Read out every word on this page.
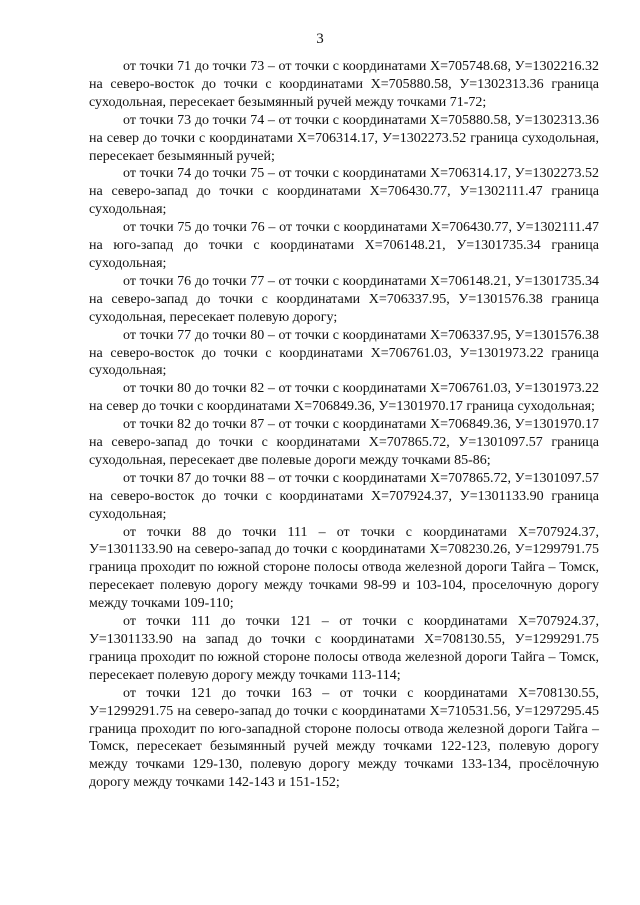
3

от точки 71 до точки 73 – от точки с координатами Х=705748.68, У=1302216.32 на северо-восток до точки с координатами Х=705880.58, У=1302313.36 граница суходольная, пересекает безымянный ручей между точками 71-72;

от точки 73 до точки 74 – от точки с координатами Х=705880.58, У=1302313.36 на север до точки с координатами Х=706314.17, У=1302273.52 граница суходольная, пересекает безымянный ручей;

от точки 74 до точки 75 – от точки с координатами Х=706314.17, У=1302273.52 на северо-запад до точки с координатами Х=706430.77, У=1302111.47 граница суходольная;

от точки 75 до точки 76 – от точки с координатами Х=706430.77, У=1302111.47 на юго-запад до точки с координатами Х=706148.21, У=1301735.34 граница суходольная;

от точки 76 до точки 77 – от точки с координатами Х=706148.21, У=1301735.34 на северо-запад до точки с координатами Х=706337.95, У=1301576.38 граница суходольная, пересекает полевую дорогу;

от точки 77 до точки 80 – от точки с координатами Х=706337.95, У=1301576.38 на северо-восток до точки с координатами Х=706761.03, У=1301973.22 граница суходольная;

от точки 80 до точки 82 – от точки с координатами Х=706761.03, У=1301973.22 на север до точки с координатами Х=706849.36, У=1301970.17 граница суходольная;

от точки 82 до точки 87 – от точки с координатами Х=706849.36, У=1301970.17 на северо-запад до точки с координатами Х=707865.72, У=1301097.57 граница суходольная, пересекает две полевые дороги между точками 85-86;

от точки 87 до точки 88 – от точки с координатами Х=707865.72, У=1301097.57 на северо-восток до точки с координатами Х=707924.37, У=1301133.90 граница суходольная;

от точки 88 до точки 111 – от точки с координатами Х=707924.37, У=1301133.90 на северо-запад до точки с координатами Х=708230.26, У=1299791.75 граница проходит по южной стороне полосы отвода железной дороги Тайга – Томск, пересекает полевую дорогу между точками 98-99 и 103-104, проселочную дорогу между точками 109-110;

от точки 111 до точки 121 – от точки с координатами Х=707924.37, У=1301133.90 на запад до точки с координатами Х=708130.55, У=1299291.75 граница проходит по южной стороне полосы отвода железной дороги Тайга – Томск, пересекает полевую дорогу между точками 113-114;

от точки 121 до точки 163 – от точки с координатами Х=708130.55, У=1299291.75 на северо-запад до точки с координатами Х=710531.56, У=1297295.45 граница проходит по юго-западной стороне полосы отвода железной дороги Тайга – Томск, пересекает безымянный ручей между точками 122-123, полевую дорогу между точками 129-130, полевую дорогу между точками 133-134, просёлочную дорогу между точками 142-143 и 151-152;
